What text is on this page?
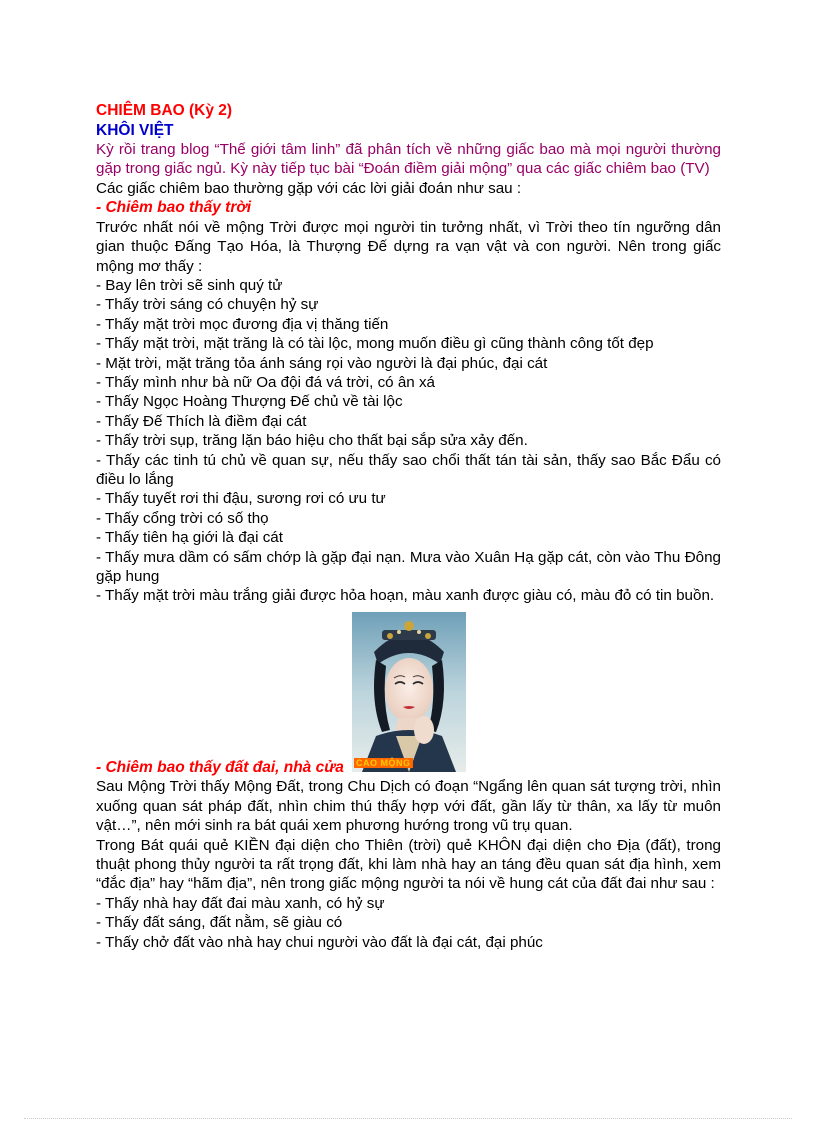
CHIÊM BAO (Kỳ 2)

KHÔI VIỆT

Kỳ rồi trang blog “Thế giới tâm linh” đã phân tích về những giấc bao mà mọi người thường gặp trong giấc ngủ. Kỳ này tiếp tục bài “Đoán điềm giải mộng” qua các giấc chiêm bao (TV)

Các giấc chiêm bao thường gặp với các lời giải đoán như sau :

- Chiêm bao thấy trời

Trước nhất nói về mộng Trời được mọi người tin tưởng nhất, vì Trời theo tín ngưỡng dân gian thuộc Đấng Tạo Hóa, là Thượng Đế dựng ra vạn vật và con người. Nên trong giấc mộng mơ thấy :

- Bay lên trời sẽ sinh quý tử
- Thấy trời sáng có chuyện hỷ sự
- Thấy mặt trời mọc đương địa vị thăng tiến
- Thấy mặt trời, mặt trăng là có tài lộc, mong muốn điều gì cũng thành công tốt đẹp
- Mặt trời, mặt trăng tỏa ánh sáng rọi vào người là đại phúc, đại cát
- Thấy mình như bà nữ Oa đội đá vá trời, có ân xá
- Thấy Ngọc Hoàng Thượng Đế chủ về tài lộc
- Thấy Đế Thích là điềm đại cát
- Thấy trời sụp, trăng lặn báo hiệu cho thất bại sắp sửa xảy đến.
- Thấy các tinh tú chủ về quan sự, nếu thấy sao chổi thất tán tài sản, thấy sao Bắc Đẩu có điều lo lắng
- Thấy tuyết rơi thi đậu, sương rơi có ưu tư
- Thấy cổng trời có số thọ
- Thấy tiên hạ giới là đại cát
- Thấy mưa dầm có sấm chớp là gặp đại nạn. Mưa vào Xuân Hạ gặp cát, còn vào Thu Đông gặp hung
- Thấy mặt trời màu trắng giải được hỏa hoạn, màu xanh được giàu có, màu đỏ có tin buồn.
CAO MỘNG

- Chiêm bao thấy đất đai, nhà cửa

Sau Mộng Trời thấy Mộng Đất, trong Chu Dịch có đoạn “Ngẩng lên quan sát tượng trời, nhìn xuống quan sát pháp đất, nhìn chim thú thấy hợp với đất, gần lấy từ thân, xa lấy từ muôn vật…”, nên mới sinh ra bát quái xem phương hướng trong vũ trụ quan.

Trong Bát quái quẻ KIỀN đại diện cho Thiên (trời) quẻ KHÔN đại diện cho Địa (đất), trong thuật phong thủy người ta rất trọng đất, khi làm nhà hay an táng đều quan sát địa hình, xem “đắc địa” hay “hãm địa”, nên trong giấc mộng người ta nói về hung cát của đất đai như sau :

- Thấy nhà hay đất đai màu xanh, có hỷ sự
- Thấy đất sáng, đất nằm, sẽ giàu có
- Thấy chở đất vào nhà hay chui người vào đất là đại cát, đại phúc
